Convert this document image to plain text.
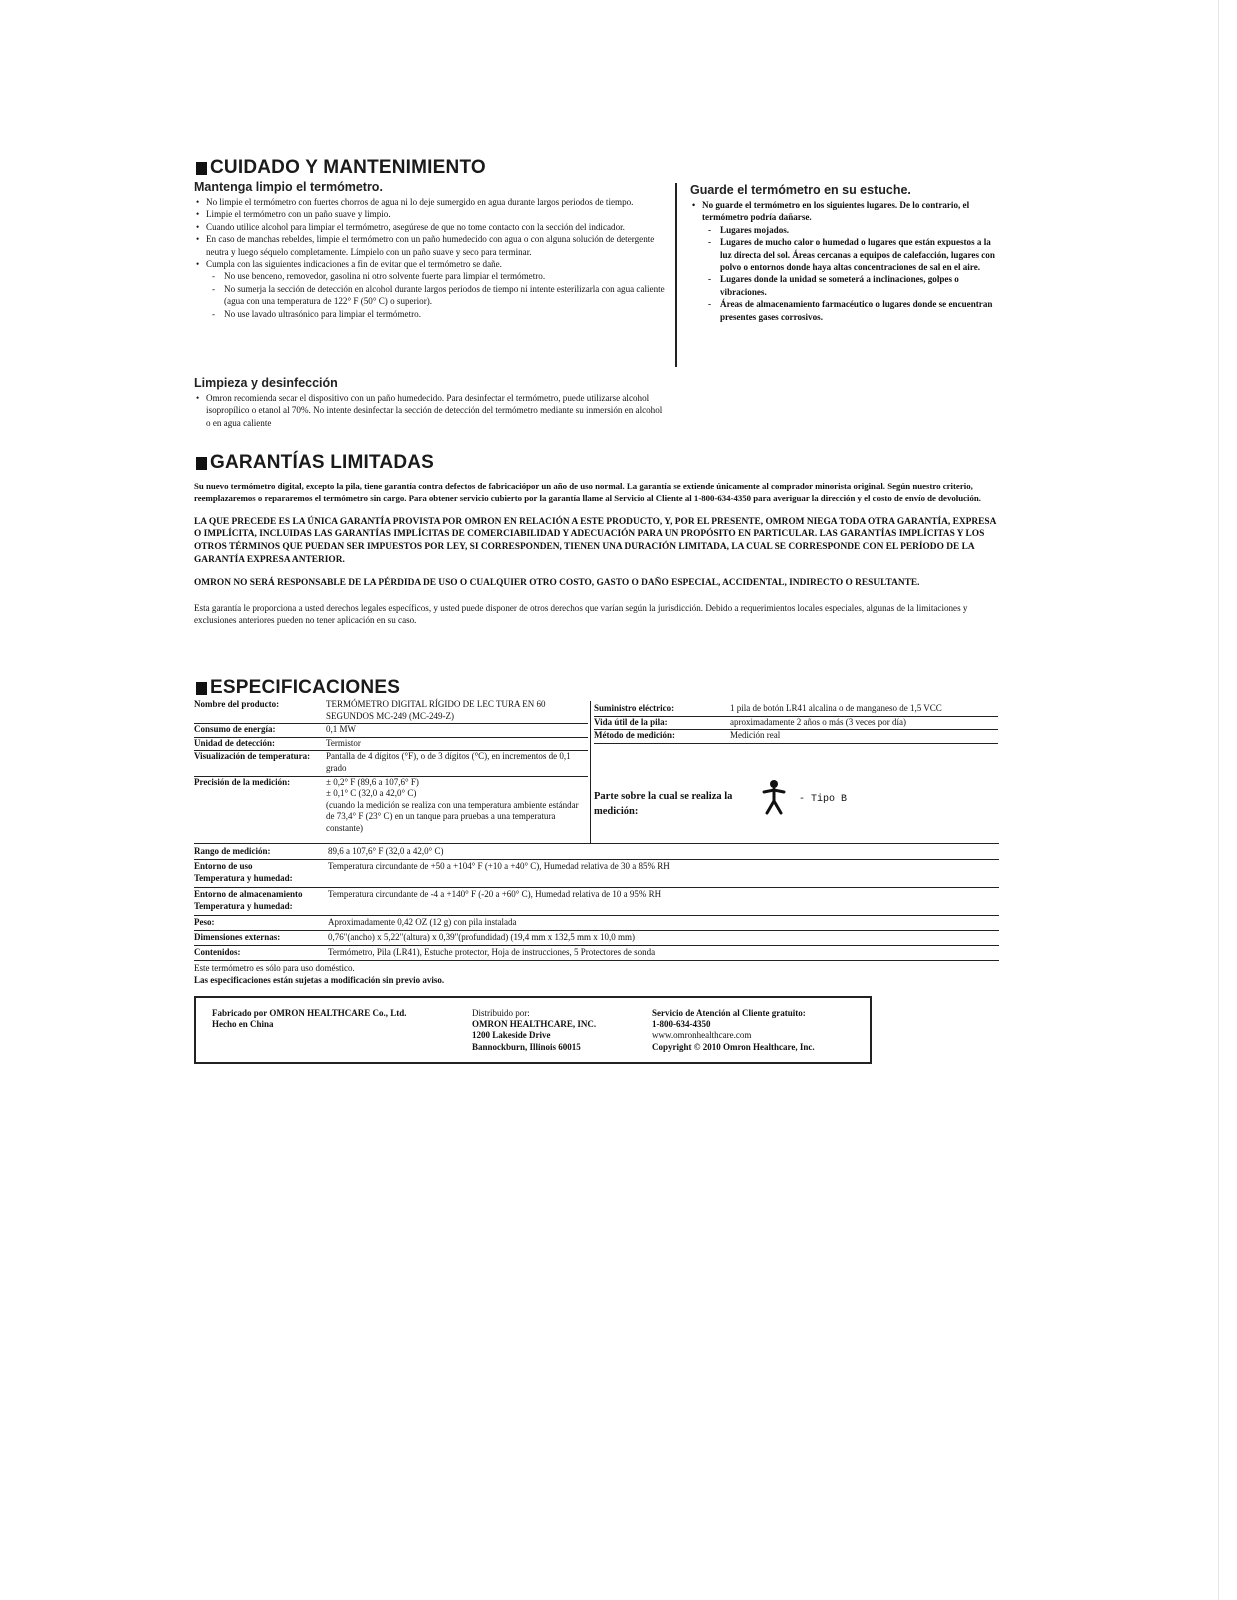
CUIDADO Y MANTENIMIENTO
Mantenga limpio el termómetro.
• No limpie el termómetro con fuertes chorros de agua ni lo deje sumergido en agua durante largos periodos de tiempo.
• Limpie el termómetro con un paño suave y limpio.
• Cuando utilice alcohol para limpiar el termómetro, asegúrese de que no tome contacto con la sección del indicador.
• En caso de manchas rebeldes, limpie el termómetro con un paño humedecido con agua o con alguna solución de detergente neutra y luego séquelo completamente. Límpielo con un paño suave y seco para terminar.
• Cumpla con las siguientes indicaciones a fin de evitar que el termómetro se dañe.
- No use benceno, removedor, gasolina ni otro solvente fuerte para limpiar el termómetro.
- No sumerja la sección de detección en alcohol durante largos períodos de tiempo ni intente esterilizarla con agua caliente (agua con una temperatura de 122° F (50° C) o superior).
- No use lavado ultrasónico para limpiar el termómetro.
Limpieza y desinfección
• Omron recomienda secar el dispositivo con un paño humedecido. Para desinfectar el termómetro, puede utilizarse alcohol isopropílico o etanol al 70%. No intente desinfectar la sección de detección del termómetro mediante su inmersión en alcohol o en agua caliente
Guarde el termómetro en su estuche.
• No guarde el termómetro en los siguientes lugares. De lo contrario, el termómetro podría dañarse.
- Lugares mojados.
- Lugares de mucho calor o humedad o lugares que están expuestos a la luz directa del sol. Áreas cercanas a equipos de calefacción, lugares con polvo o entornos donde haya altas concentraciones de sal en el aire.
- Lugares donde la unidad se someterá a inclinaciones, golpes o vibraciones.
- Áreas de almacenamiento farmacéutico o lugares donde se encuentran presentes gases corrosivos.
GARANTÍAS LIMITADAS

Su nuevo termómetro digital, excepto la pila, tiene garantía contra defectos de fabricaciópor un año de uso normal. La garantía se extiende únicamente al comprador minorista original. Según nuestro criterio, reemplazaremos o repararemos el termómetro sin cargo. Para obtener servicio cubierto por la garantía llame al Servicio al Cliente al 1-800-634-4350 para averiguar la dirección y el costo de envío de devolución.

LA QUE PRECEDE ES LA ÚNICA GARANTÍA PROVISTA POR OMRON EN RELACIÓN A ESTE PRODUCTO, Y, POR EL PRESENTE, OMROM NIEGA TODA OTRA GARANTÍA, EXPRESA O IMPLÍCITA, INCLUIDAS LAS GARANTÍAS IMPLÍCITAS DE COMERCIABILIDAD Y ADECUACIÓN PARA UN PROPÓSITO EN PARTICULAR. LAS GARANTÍAS IMPLÍCITAS Y LOS OTROS TÉRMINOS QUE PUEDAN SER IMPUESTOS POR LEY, SI CORRESPONDEN, TIENEN UNA DURACIÓN LIMITADA, LA CUAL SE CORRESPONDE CON EL PERÍODO DE LA GARANTÍA EXPRESA ANTERIOR.

OMRON NO SERÁ RESPONSABLE DE LA PÉRDIDA DE USO O CUALQUIER OTRO COSTO, GASTO O DAÑO ESPECIAL, ACCIDENTAL, INDIRECTO O RESULTANTE.

Esta garantía le proporciona a usted derechos legales específicos, y usted puede disponer de otros derechos que varían según la jurisdicción. Debido a requerimientos locales especiales, algunas de la limitaciones y exclusiones anteriores pueden no tener aplicación en su caso.

ESPECIFICACIONES
Nombre del producto:	TERMÓMETRO DIGITAL RÍGIDO DE LEC TURA EN 60 SEGUNDOS MC-249 (MC-249-Z)
Consumo de energía:	0,1 MW
Unidad de detección:	Termistor
Visualización de temperatura:	Pantalla de 4 dígitos (°F), o de 3 dígitos (°C), en incrementos de 0,1 grado
Precisión de la medición:	± 0,2° F (89,6 a 107,6° F)
± 0,1° C (32,0 a 42,0° C)
(cuando la medición se realiza con una temperatura ambiente estándar de 73,4° F (23° C) en un tanque para pruebas a una temperatura constante)
Suministro eléctrico:	1 pila de botón LR41 alcalina o de manganeso de 1,5 VCC
Vida útil de la pila:	aproximadamente 2 años o más (3 veces por día)
Método de medición:	Medición real
Parte sobre la cual se realiza la medición:
- Tipo B
Rango de medición:	89,6 a 107,6° F (32,0 a 42,0° C)
Entorno de uso	Temperatura circundante de +50 a +104° F (+10 a +40° C), Humedad relativa de 30 a 85% RH
Temperatura y humedad:
Entorno de almacenamiento	Temperatura circundante de -4 a +140° F (-20 a +60° C), Humedad relativa de 10 a 95% RH
Temperatura y humedad:
Peso:	Aproximadamente 0,42 OZ (12 g) con pila instalada
Dimensiones externas:	0,76"(ancho) x 5,22"(altura) x 0,39"(profundidad) (19,4 mm x 132,5 mm x 10,0 mm)
Contenidos:	Termómetro, Pila (LR41), Estuche protector, Hoja de instrucciones, 5 Protectores de sonda
Este termómetro es sólo para uso doméstico.
Las especificaciones están sujetas a modificación sin previo aviso.
Fabricado por OMRON HEALTHCARE Co., Ltd.
Hecho en China
Distribuido por:
OMRON HEALTHCARE, INC.
1200 Lakeside Drive
Bannockburn, Illinois 60015
Servicio de Atención al Cliente gratuito:
1-800-634-4350
www.omronhealthcare.com
Copyright © 2010 Omron Healthcare, Inc.
